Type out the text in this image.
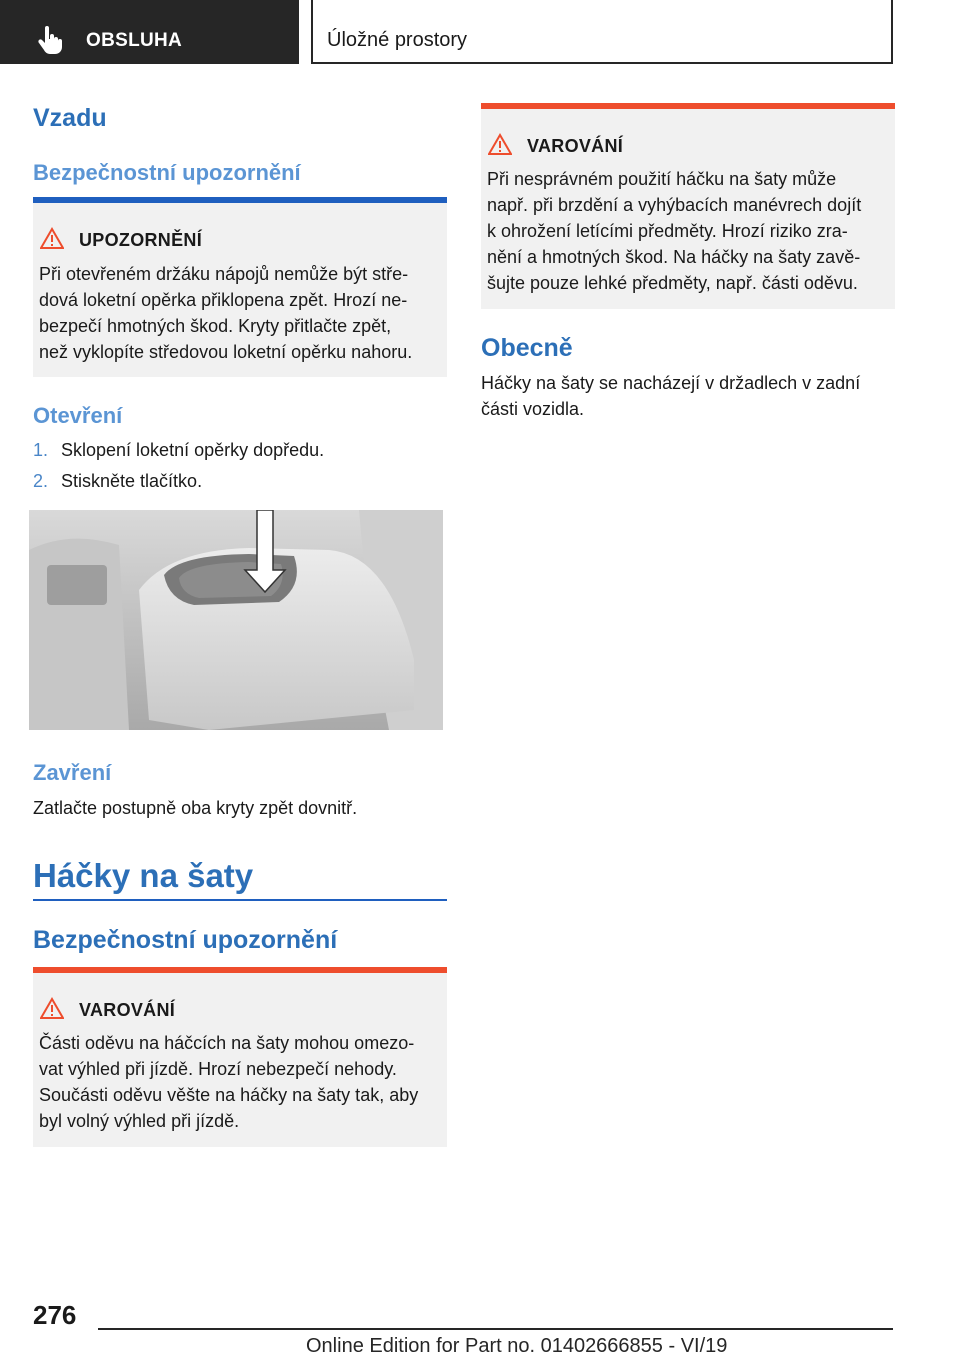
OBSLUHA	Úložné prostory
Vzadu
Bezpečnostní upozornění
UPOZORNĚNÍ
Při otevřeném držáku nápojů nemůže být stře-
dová loketní opěrka přiklopena zpět. Hrozí ne-
bezpečí hmotných škod. Kryty přitlačte zpět,
než vyklopíte středovou loketní opěrku nahoru.
Otevření
1. Sklopení loketní opěrky dopředu.
2. Stiskněte tlačítko.
Zavření
Zatlačte postupně oba kryty zpět dovnitř.
Háčky na šaty
Bezpečnostní upozornění
VAROVÁNÍ
Části oděvu na háčcích na šaty mohou omezo-
vat výhled při jízdě. Hrozí nebezpečí nehody.
Součásti oděvu věšte na háčky na šaty tak, aby
byl volný výhled při jízdě.
VAROVÁNÍ
Při nesprávném použití háčku na šaty může
např. při brzdění a vyhýbacích manévrech dojít
k ohrožení letícími předměty. Hrozí riziko zra-
nění a hmotných škod. Na háčky na šaty zavě-
šujte pouze lehké předměty, např. části oděvu.
Obecně
Háčky na šaty se nacházejí v držadlech v zadní
části vozidla.
276
Online Edition for Part no. 01402666855 - VI/19
